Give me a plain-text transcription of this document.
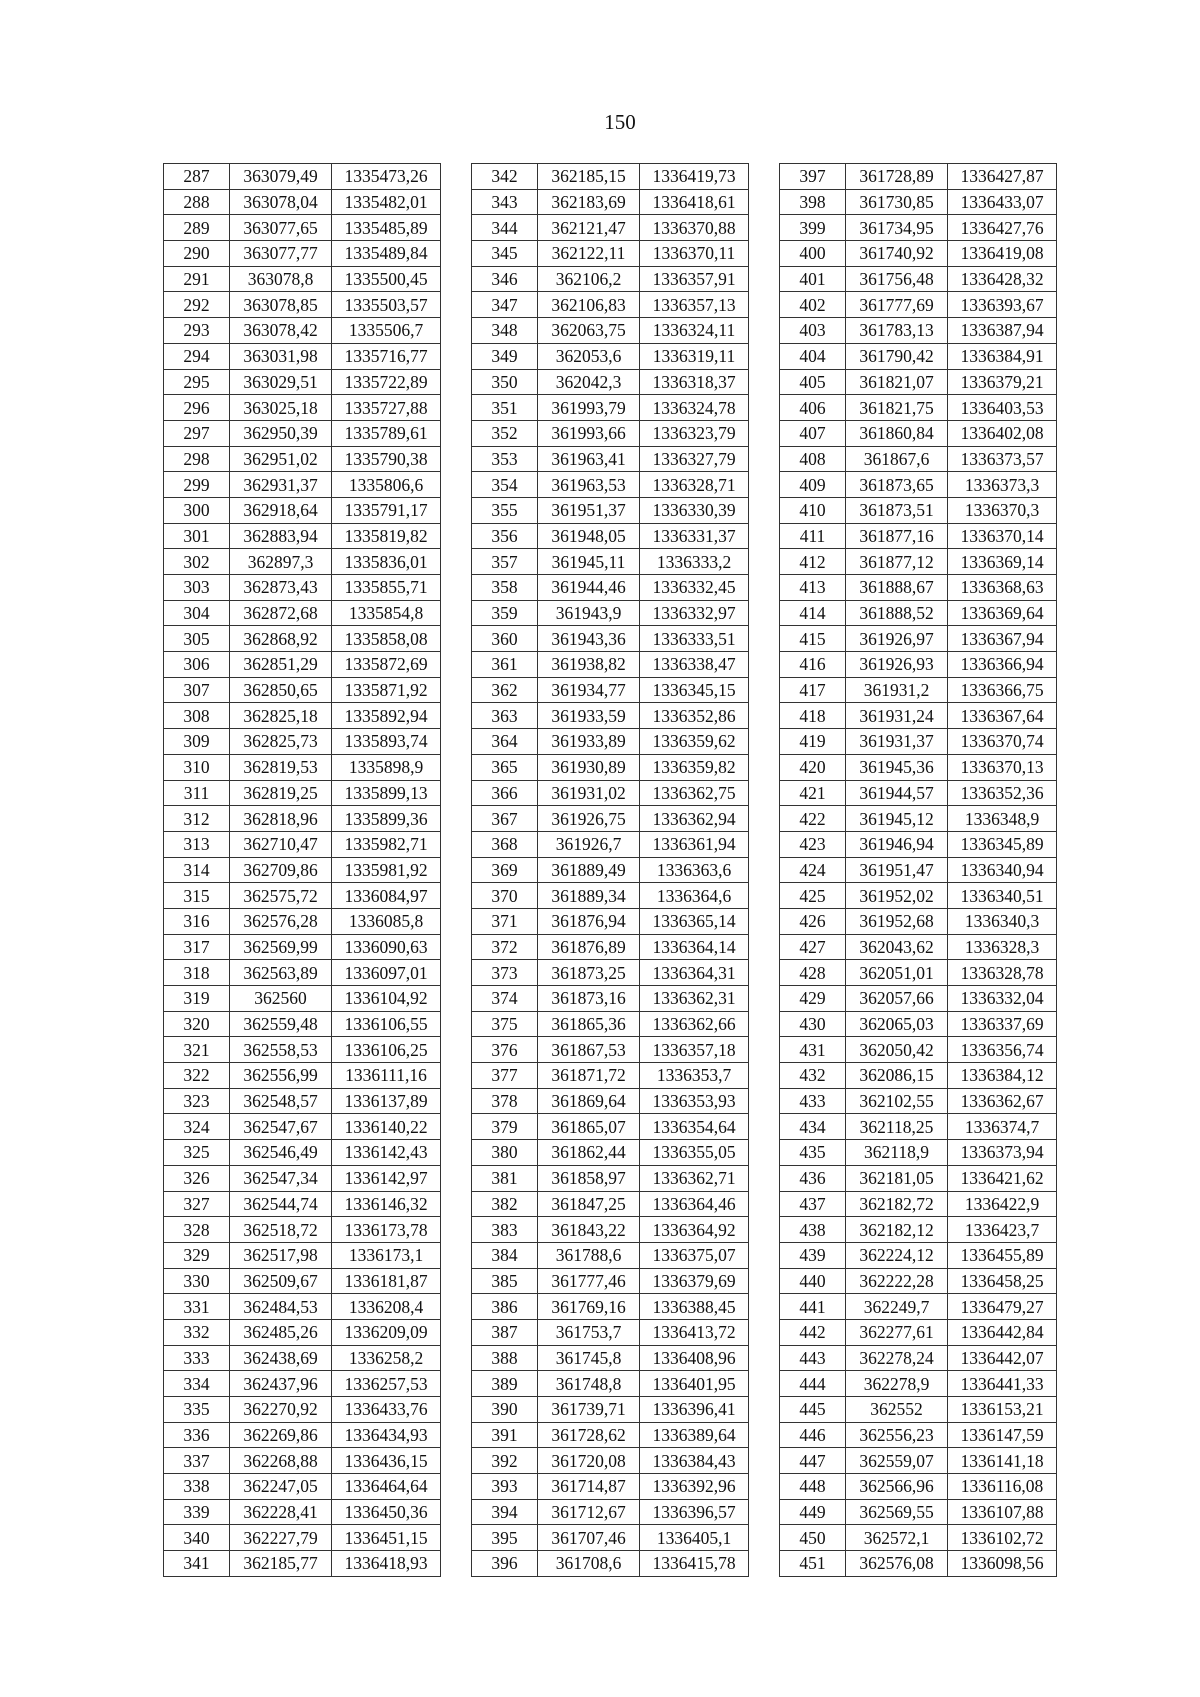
150
287	363079,49	1335473,26
288	363078,04	1335482,01
289	363077,65	1335485,89
290	363077,77	1335489,84
291	363078,8	1335500,45
292	363078,85	1335503,57
293	363078,42	1335506,7
294	363031,98	1335716,77
295	363029,51	1335722,89
296	363025,18	1335727,88
297	362950,39	1335789,61
298	362951,02	1335790,38
299	362931,37	1335806,6
300	362918,64	1335791,17
301	362883,94	1335819,82
302	362897,3	1335836,01
303	362873,43	1335855,71
304	362872,68	1335854,8
305	362868,92	1335858,08
306	362851,29	1335872,69
307	362850,65	1335871,92
308	362825,18	1335892,94
309	362825,73	1335893,74
310	362819,53	1335898,9
311	362819,25	1335899,13
312	362818,96	1335899,36
313	362710,47	1335982,71
314	362709,86	1335981,92
315	362575,72	1336084,97
316	362576,28	1336085,8
317	362569,99	1336090,63
318	362563,89	1336097,01
319	362560	1336104,92
320	362559,48	1336106,55
321	362558,53	1336106,25
322	362556,99	1336111,16
323	362548,57	1336137,89
324	362547,67	1336140,22
325	362546,49	1336142,43
326	362547,34	1336142,97
327	362544,74	1336146,32
328	362518,72	1336173,78
329	362517,98	1336173,1
330	362509,67	1336181,87
331	362484,53	1336208,4
332	362485,26	1336209,09
333	362438,69	1336258,2
334	362437,96	1336257,53
335	362270,92	1336433,76
336	362269,86	1336434,93
337	362268,88	1336436,15
338	362247,05	1336464,64
339	362228,41	1336450,36
340	362227,79	1336451,15
341	362185,77	1336418,93
342	362185,15	1336419,73
343	362183,69	1336418,61
344	362121,47	1336370,88
345	362122,11	1336370,11
346	362106,2	1336357,91
347	362106,83	1336357,13
348	362063,75	1336324,11
349	362053,6	1336319,11
350	362042,3	1336318,37
351	361993,79	1336324,78
352	361993,66	1336323,79
353	361963,41	1336327,79
354	361963,53	1336328,71
355	361951,37	1336330,39
356	361948,05	1336331,37
357	361945,11	1336333,2
358	361944,46	1336332,45
359	361943,9	1336332,97
360	361943,36	1336333,51
361	361938,82	1336338,47
362	361934,77	1336345,15
363	361933,59	1336352,86
364	361933,89	1336359,62
365	361930,89	1336359,82
366	361931,02	1336362,75
367	361926,75	1336362,94
368	361926,7	1336361,94
369	361889,49	1336363,6
370	361889,34	1336364,6
371	361876,94	1336365,14
372	361876,89	1336364,14
373	361873,25	1336364,31
374	361873,16	1336362,31
375	361865,36	1336362,66
376	361867,53	1336357,18
377	361871,72	1336353,7
378	361869,64	1336353,93
379	361865,07	1336354,64
380	361862,44	1336355,05
381	361858,97	1336362,71
382	361847,25	1336364,46
383	361843,22	1336364,92
384	361788,6	1336375,07
385	361777,46	1336379,69
386	361769,16	1336388,45
387	361753,7	1336413,72
388	361745,8	1336408,96
389	361748,8	1336401,95
390	361739,71	1336396,41
391	361728,62	1336389,64
392	361720,08	1336384,43
393	361714,87	1336392,96
394	361712,67	1336396,57
395	361707,46	1336405,1
396	361708,6	1336415,78
397	361728,89	1336427,87
398	361730,85	1336433,07
399	361734,95	1336427,76
400	361740,92	1336419,08
401	361756,48	1336428,32
402	361777,69	1336393,67
403	361783,13	1336387,94
404	361790,42	1336384,91
405	361821,07	1336379,21
406	361821,75	1336403,53
407	361860,84	1336402,08
408	361867,6	1336373,57
409	361873,65	1336373,3
410	361873,51	1336370,3
411	361877,16	1336370,14
412	361877,12	1336369,14
413	361888,67	1336368,63
414	361888,52	1336369,64
415	361926,97	1336367,94
416	361926,93	1336366,94
417	361931,2	1336366,75
418	361931,24	1336367,64
419	361931,37	1336370,74
420	361945,36	1336370,13
421	361944,57	1336352,36
422	361945,12	1336348,9
423	361946,94	1336345,89
424	361951,47	1336340,94
425	361952,02	1336340,51
426	361952,68	1336340,3
427	362043,62	1336328,3
428	362051,01	1336328,78
429	362057,66	1336332,04
430	362065,03	1336337,69
431	362050,42	1336356,74
432	362086,15	1336384,12
433	362102,55	1336362,67
434	362118,25	1336374,7
435	362118,9	1336373,94
436	362181,05	1336421,62
437	362182,72	1336422,9
438	362182,12	1336423,7
439	362224,12	1336455,89
440	362222,28	1336458,25
441	362249,7	1336479,27
442	362277,61	1336442,84
443	362278,24	1336442,07
444	362278,9	1336441,33
445	362552	1336153,21
446	362556,23	1336147,59
447	362559,07	1336141,18
448	362566,96	1336116,08
449	362569,55	1336107,88
450	362572,1	1336102,72
451	362576,08	1336098,56
